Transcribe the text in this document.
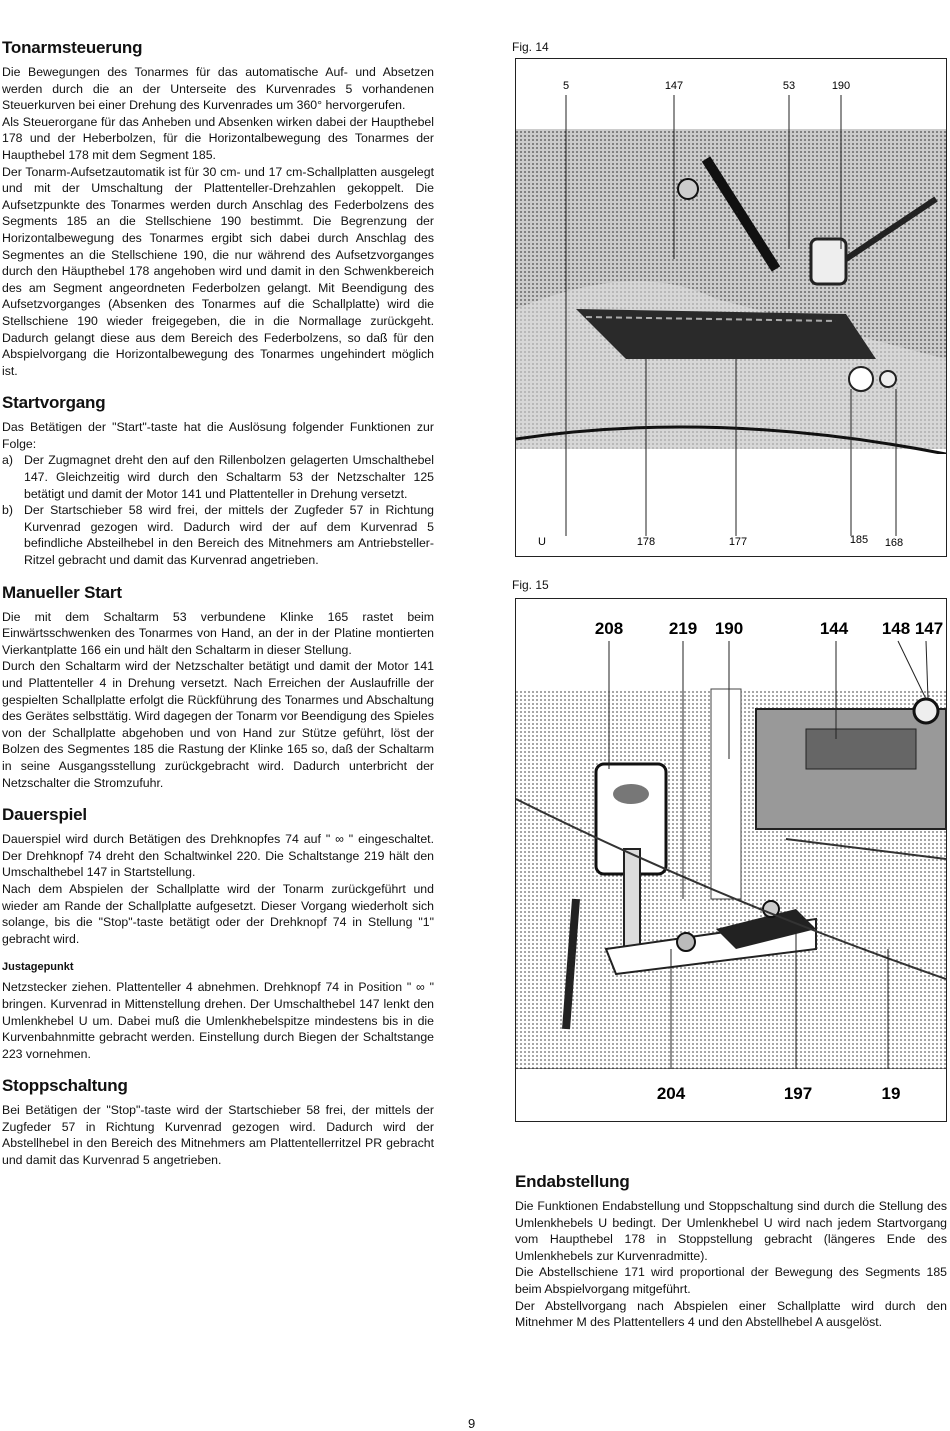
Tonarmsteuerung

Die Bewegungen des Tonarmes für das automatische Auf- und Absetzen werden durch die an der Unterseite des Kurvenrades 5 vorhandenen Steuerkurven bei einer Drehung des Kurvenrades um 360° hervorgerufen.

Als Steuerorgane für das Anheben und Absenken wirken dabei der Haupthebel 178 und der Heberbolzen, für die Horizontalbewegung des Tonarmes der Haupthebel 178 mit dem Segment 185.

Der Tonarm-Aufsetzautomatik ist für 30 cm- und 17 cm-Schallplatten ausgelegt und mit der Umschaltung der Plattenteller-Drehzahlen gekoppelt. Die Aufsetzpunkte des Tonarmes werden durch Anschlag des Federbolzens des Segments 185 an die Stellschiene 190 bestimmt. Die Begrenzung der Horizontalbewegung des Tonarmes ergibt sich dabei durch Anschlag des Segmentes an die Stellschiene 190, die nur während des Aufsetzvorganges durch den Häupthebel 178 angehoben wird und damit in den Schwenkbereich des am Segment angeordneten Federbolzen gelangt. Mit Beendigung des Aufsetzvorganges (Absenken des Tonarmes auf die Schallplatte) wird die Stellschiene 190 wieder freigegeben, die in die Normallage zurückgeht. Dadurch gelangt diese aus dem Bereich des Federbolzens, so daß für den Abspielvorgang die Horizontalbewegung des Tonarmes ungehindert möglich ist.

Startvorgang

Das Betätigen der "Start"-taste hat die Auslösung folgender Funktionen zur Folge:

a) Der Zugmagnet dreht den auf den Rillenbolzen gelagerten Umschalthebel 147. Gleichzeitig wird durch den Schaltarm 53 der Netzschalter 125 betätigt und damit der Motor 141 und Plattenteller in Drehung versetzt.
b) Der Startschieber 58 wird frei, der mittels der Zugfeder 57 in Richtung Kurvenrad gezogen wird. Dadurch wird der auf dem Kurvenrad 5 befindliche Absteilhebel in den Bereich des Mitnehmers am Antriebsteller-Ritzel gebracht und damit das Kurvenrad angetrieben.
Manueller Start

Die mit dem Schaltarm 53 verbundene Klinke 165 rastet beim Einwärtsschwenken des Tonarmes von Hand, an der in der Platine montierten Vierkantplatte 166 ein und hält den Schaltarm in dieser Stellung.

Durch den Schaltarm wird der Netzschalter betätigt und damit der Motor 141 und Plattenteller 4 in Drehung versetzt. Nach Erreichen der Auslaufrille der gespielten Schallplatte erfolgt die Rückführung des Tonarmes und Abschaltung des Gerätes selbsttätig. Wird dagegen der Tonarm vor Beendigung des Spieles von der Schallplatte abgehoben und von Hand zur Stütze geführt, löst der Bolzen des Segmentes 185 die Rastung der Klinke 165 so, daß der Schaltarm in seine Ausgangsstellung zurückgebracht wird. Dadurch unterbricht der Netzschalter die Stromzufuhr.

Dauerspiel

Dauerspiel wird durch Betätigen des Drehknopfes 74 auf " ∞ " eingeschaltet. Der Drehknopf 74 dreht den Schaltwinkel 220. Die Schaltstange 219 hält den Umschalthebel 147 in Startstellung.

Nach dem Abspielen der Schallplatte wird der Tonarm zurückgeführt und wieder am Rande der Schallplatte aufgesetzt. Dieser Vorgang wiederholt sich solange, bis die "Stop"-taste betätigt oder der Drehknopf 74 in Stellung "1" gebracht wird.

Justagepunkt

Netzstecker ziehen. Plattenteller 4 abnehmen. Drehknopf 74 in Position " ∞ " bringen. Kurvenrad in Mittenstellung drehen. Der Umschalthebel 147 lenkt den Umlenkhebel U um. Dabei muß die Umlenkhebelspitze mindestens bis in die Kurvenbahnmitte gebracht werden. Einstellung durch Biegen der Schaltstange 223 vornehmen.

Stoppschaltung

Bei Betätigen der "Stop"-taste wird der Startschieber 58 frei, der mittels der Zugfeder 57 in Richtung Kurvenrad gezogen wird. Dadurch wird der Abstellhebel in den Bereich des Mitnehmers am Plattentellerritzel PR gebracht und damit das Kurvenrad 5 angetrieben.

Fig. 14
5	147	53	190
U	178	177	185 168
Fig. 15
208	219 190	144 148 147
204	197	19
Endabstellung

Die Funktionen Endabstellung und Stoppschaltung sind durch die Stellung des Umlenkhebels U bedingt. Der Umlenkhebel U wird nach jedem Startvorgang vom Haupthebel 178 in Stoppstellung gebracht (längeres Ende des Umlenkhebels zur Kurvenradmitte).

Die Abstellschiene 171 wird proportional der Bewegung des Segments 185 beim Abspielvorgang mitgeführt.

Der Abstellvorgang nach Abspielen einer Schallplatte wird durch den Mitnehmer M des Plattentellers 4 und den Abstellhebel A ausgelöst.

9
